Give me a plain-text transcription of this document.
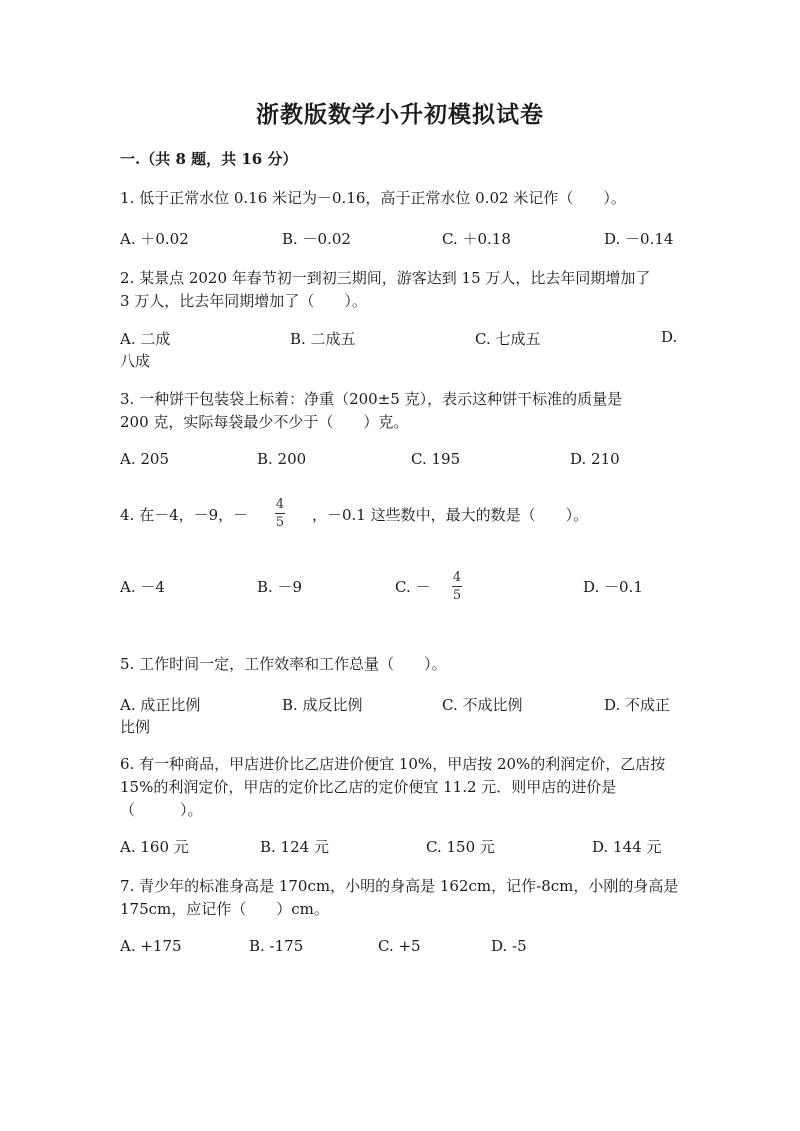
浙教版数学小升初模拟试卷
一.（共 8 题，共 16 分）
1. 低于正常水位 0.16 米记为－0.16，高于正常水位 0.02 米记作（　　）。
A. ＋0.02	B. －0.02	C. ＋0.18	D. －0.14
2. 某景点 2020 年春节初一到初三期间，游客达到 15 万人，比去年同期增加了
3 万人，比去年同期增加了（　　）。
A. 二成	B. 二成五	C. 七成五	D.
八成
3. 一种饼干包装袋上标着：净重（200±5 克），表示这种饼干标准的质量是
200 克，实际每袋最少不少于（　　）克。
A. 205	B. 200	C. 195	D. 210
4. 在－4，－9，－
4
5 ，－0.1 这些数中，最大的数是（　　）。
A. －4	B. －9	C. －
4
5	D. －0.1
5. 工作时间一定，工作效率和工作总量（　　）。
A. 成正比例	B. 成反比例	C. 不成比例	D. 不成正
比例
6. 有一种商品，甲店进价比乙店进价便宜 10%，甲店按 20%的利润定价，乙店按
15%的利润定价，甲店的定价比乙店的定价便宜 11.2 元．则甲店的进价是
（　　　）。
A. 160 元	B. 124 元	C. 150 元	D. 144 元
7. 青少年的标准身高是 170cm，小明的身高是 162cm，记作-8cm，小刚的身高是
175cm，应记作（　　）cm。
A. +175	B. -175	C. +5	D. -5
